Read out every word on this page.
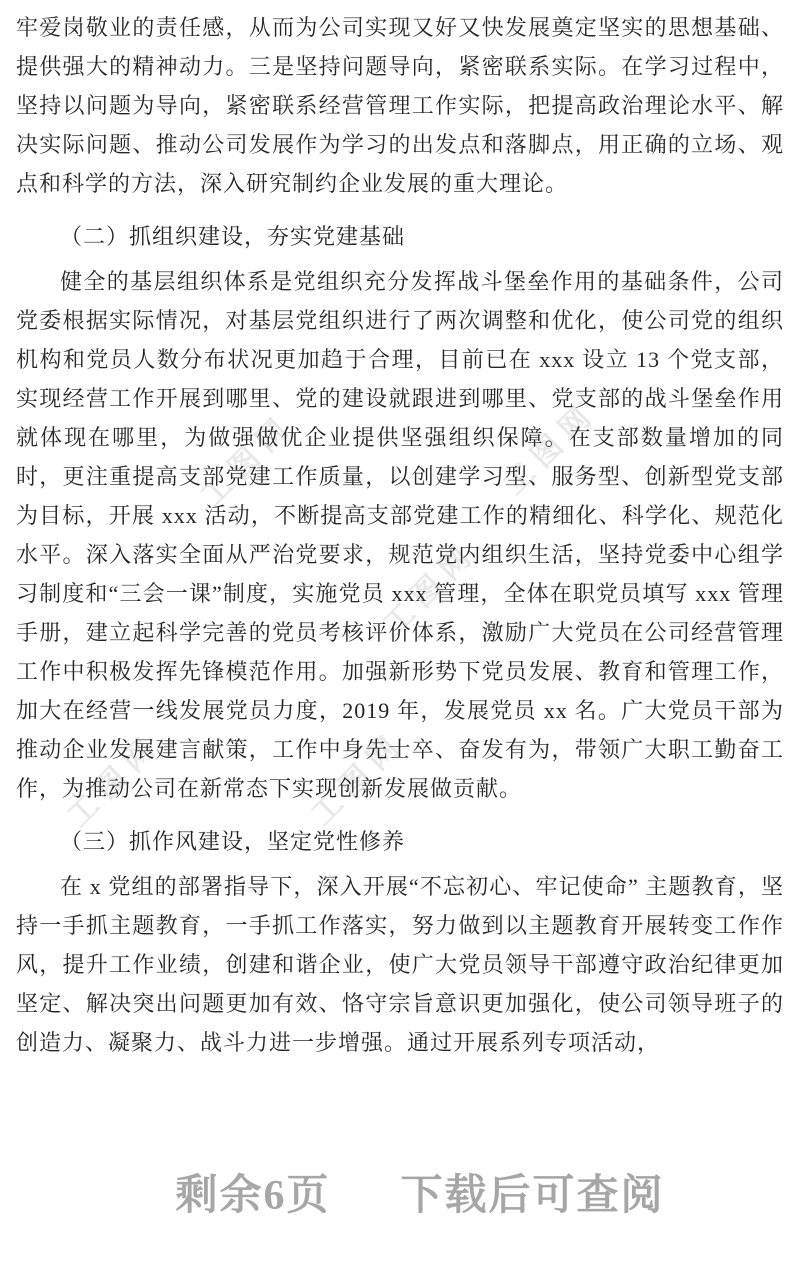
工图网	工图网
工图网
工图网	工图网

牢爱岗敬业的责任感，从而为公司实现又好又快发展奠定坚实的思想基础、提供强大的精神动力。三是坚持问题导向，紧密联系实际。在学习过程中，坚持以问题为导向，紧密联系经营管理工作实际，把提高政治理论水平、解决实际问题、推动公司发展作为学习的出发点和落脚点，用正确的立场、观点和科学的方法，深入研究制约企业发展的重大理论。

（二）抓组织建设，夯实党建基础

健全的基层组织体系是党组织充分发挥战斗堡垒作用的基础条件，公司党委根据实际情况，对基层党组织进行了两次调整和优化，使公司党的组织机构和党员人数分布状况更加趋于合理，目前已在 xxx 设立 13 个党支部，实现经营工作开展到哪里、党的建设就跟进到哪里、党支部的战斗堡垒作用就体现在哪里，为做强做优企业提供坚强组织保障。在支部数量增加的同时，更注重提高支部党建工作质量，以创建学习型、服务型、创新型党支部为目标，开展 xxx 活动，不断提高支部党建工作的精细化、科学化、规范化水平。深入落实全面从严治党要求，规范党内组织生活，坚持党委中心组学习制度和“三会一课”制度，实施党员 xxx 管理，全体在职党员填写 xxx 管理手册，建立起科学完善的党员考核评价体系，激励广大党员在公司经营管理工作中积极发挥先锋模范作用。加强新形势下党员发展、教育和管理工作，加大在经营一线发展党员力度，2019 年，发展党员 xx 名。广大党员干部为推动企业发展建言献策，工作中身先士卒、奋发有为，带领广大职工勤奋工作，为推动公司在新常态下实现创新发展做贡献。

（三）抓作风建设，坚定党性修养

在 x 党组的部署指导下，深入开展“不忘初心、牢记使命” 主题教育，坚持一手抓主题教育，一手抓工作落实，努力做到以主题教育开展转变工作作风，提升工作业绩，创建和谐企业，使广大党员领导干部遵守政治纪律更加坚定、解决突出问题更加有效、恪守宗旨意识更加强化，使公司领导班子的创造力、凝聚力、战斗力进一步增强。通过开展系列专项活动，

剩余6页 下载后可查阅
